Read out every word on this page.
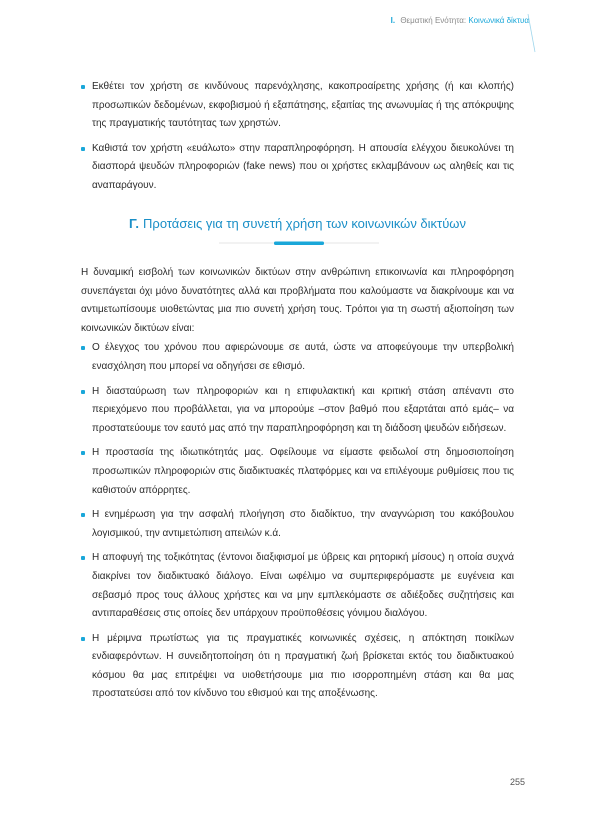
I. Θεματική Ενότητα: Κοινωνικά δίκτυα
Εκθέτει τον χρήστη σε κινδύνους παρενόχλησης, κακοπροαίρετης χρήσης (ή και κλοπής) προσωπικών δεδομένων, εκφοβισμού ή εξαπάτησης, εξαιτίας της ανωνυμίας ή της απόκρυψης της πραγματικής ταυτότητας των χρηστών.
Καθιστά τον χρήστη «ευάλωτο» στην παραπληροφόρηση. Η απουσία ελέγχου διευκολύνει τη διασπορά ψευδών πληροφοριών (fake news) που οι χρήστες εκλαμβάνουν ως αληθείς και τις αναπαράγουν.
Γ. Προτάσεις για τη συνετή χρήση των κοινωνικών δικτύων

Η δυναμική εισβολή των κοινωνικών δικτύων στην ανθρώπινη επικοινωνία και πληροφόρηση συνεπάγεται όχι μόνο δυνατότητες αλλά και προβλήματα που καλούμαστε να διακρίνουμε και να αντιμετωπίσουμε υιοθετώντας μια πιο συνετή χρήση τους. Τρόποι για τη σωστή αξιοποίηση των κοινωνικών δικτύων είναι:

Ο έλεγχος του χρόνου που αφιερώνουμε σε αυτά, ώστε να αποφεύγουμε την υπερβολική ενασχόληση που μπορεί να οδηγήσει σε εθισμό.
Η διασταύρωση των πληροφοριών και η επιφυλακτική και κριτική στάση απέναντι στο περιεχόμενο που προβάλλεται, για να μπορούμε –στον βαθμό που εξαρτάται από εμάς– να προστατεύουμε τον εαυτό μας από την παραπληροφόρηση και τη διάδοση ψευδών ειδήσεων.
Η προστασία της ιδιωτικότητάς μας. Οφείλουμε να είμαστε φειδωλοί στη δημοσιοποίηση προσωπικών πληροφοριών στις διαδικτυακές πλατφόρμες και να επιλέγουμε ρυθμίσεις που τις καθιστούν απόρρητες.
Η ενημέρωση για την ασφαλή πλοήγηση στο διαδίκτυο, την αναγνώριση του κακόβουλου λογισμικού, την αντιμετώπιση απειλών κ.ά.
Η αποφυγή της τοξικότητας (έντονοι διαξιφισμοί με ύβρεις και ρητορική μίσους) η οποία συχνά διακρίνει τον διαδικτυακό διάλογο. Είναι ωφέλιμο να συμπεριφερόμαστε με ευγένεια και σεβασμό προς τους άλλους χρήστες και να μην εμπλεκόμαστε σε αδιέξοδες συζητήσεις και αντιπαραθέσεις στις οποίες δεν υπάρχουν προϋποθέσεις γόνιμου διαλόγου.
Η μέριμνα πρωτίστως για τις πραγματικές κοινωνικές σχέσεις, η απόκτηση ποικίλων ενδιαφερόντων. Η συνειδητοποίηση ότι η πραγματική ζωή βρίσκεται εκτός του διαδικτυακού κόσμου θα μας επιτρέψει να υιοθετήσουμε μια πιο ισορροπημένη στάση και θα μας προστατεύσει από τον κίνδυνο του εθισμού και της αποξένωσης.
255
